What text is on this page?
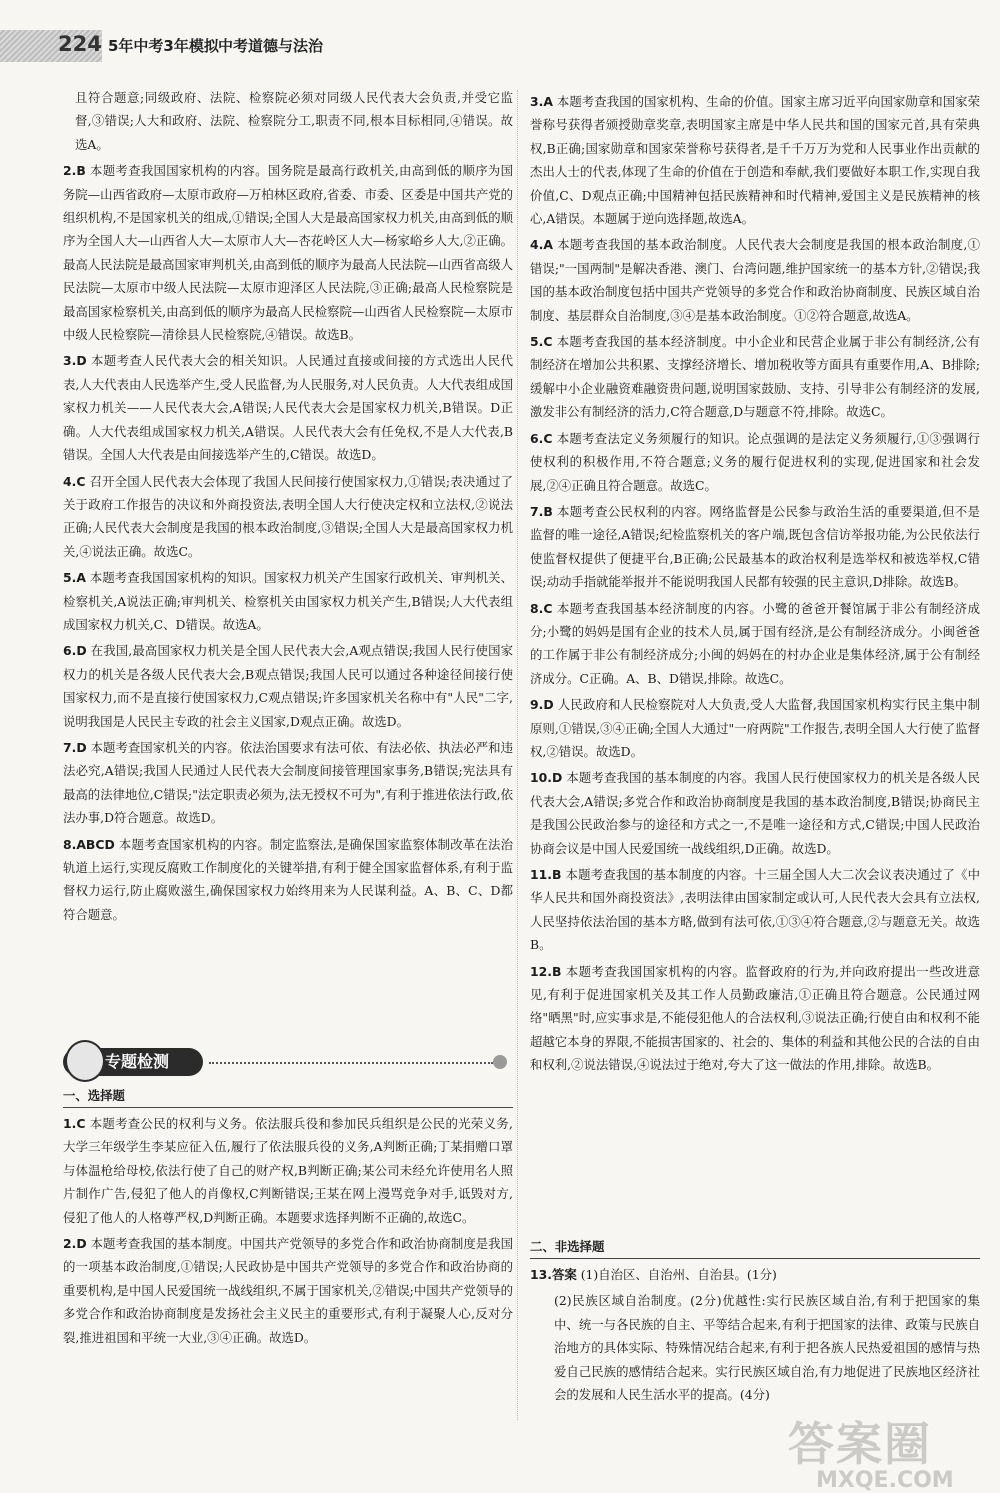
224 5年中考3年模拟 中考道德与法治

且符合题意;同级政府、法院、检察院必须对同级人民代表大会负责,并受它监督,③错误;人大和政府、法院、检察院分工,职责不同,根本目标相同,④错误。故选A。

2.B 本题考查我国国家机构的内容。国务院是最高行政机关,由高到低的顺序为国务院—山西省政府—太原市政府—万柏林区政府,省委、市委、区委是中国共产党的组织机构,不是国家机关的组成,①错误;全国人大是最高国家权力机关,由高到低的顺序为全国人大—山西省人大—太原市人大—杏花岭区人大—杨家峪乡人大,②正确。最高人民法院是最高国家审判机关,由高到低的顺序为最高人民法院—山西省高级人民法院—太原市中级人民法院—太原市迎泽区人民法院,③正确;最高人民检察院是最高国家检察机关,由高到低的顺序为最高人民检察院—山西省人民检察院—太原市中级人民检察院—清徐县人民检察院,④错误。故选B。

3.D 本题考查人民代表大会的相关知识。人民通过直接或间接的方式选出人民代表,人大代表由人民选举产生,受人民监督,为人民服务,对人民负责。人大代表组成国家权力机关——人民代表大会,A错误;人民代表大会是国家权力机关,B错误。D正确。人大代表组成国家权力机关,A错误。人民代表大会有任免权,不是人大代表,B错误。全国人大代表是由间接选举产生的,C错误。故选D。

4.C 召开全国人民代表大会体现了我国人民间接行使国家权力,①错误;表决通过了关于政府工作报告的决议和外商投资法,表明全国人大行使决定权和立法权,②说法正确;人民代表大会制度是我国的根本政治制度,③错误;全国人大是最高国家权力机关,④说法正确。故选C。

5.A 本题考查我国国家机构的知识。国家权力机关产生国家行政机关、审判机关、检察机关,A说法正确;审判机关、检察机关由国家权力机关产生,B错误;人大代表组成国家权力机关,C、D错误。故选A。

6.D 在我国,最高国家权力机关是全国人民代表大会,A观点错误;我国人民行使国家权力的机关是各级人民代表大会,B观点错误;我国人民可以通过各种途径间接行使国家权力,而不是直接行使国家权力,C观点错误;许多国家机关名称中有"人民"二字,说明我国是人民民主专政的社会主义国家,D观点正确。故选D。

7.D 本题考查国家机关的内容。依法治国要求有法可依、有法必依、执法必严和违法必究,A错误;我国人民通过人民代表大会制度间接管理国家事务,B错误;宪法具有最高的法律地位,C错误;"法定职责必须为,法无授权不可为",有利于推进依法行政,依法办事,D符合题意。故选D。

8.ABCD 本题考查国家机构的内容。制定监察法,是确保国家监察体制改革在法治轨道上运行,实现反腐败工作制度化的关键举措,有利于健全国家监督体系,有利于监督权力运行,防止腐败滋生,确保国家权力始终用来为人民谋利益。A、B、C、D都符合题意。

专题检测
一、选择题

1.C 本题考查公民的权利与义务。依法服兵役和参加民兵组织是公民的光荣义务,大学三年级学生李某应征入伍,履行了依法服兵役的义务,A判断正确;丁某捐赠口罩与体温枪给母校,依法行使了自己的财产权,B判断正确;某公司未经允许使用名人照片制作广告,侵犯了他人的肖像权,C判断错误;王某在网上漫骂竞争对手,诋毁对方,侵犯了他人的人格尊严权,D判断正确。本题要求选择判断不正确的,故选C。

2.D 本题考查我国的基本制度。中国共产党领导的多党合作和政治协商制度是我国的一项基本政治制度,①错误;人民政协是中国共产党领导的多党合作和政治协商的重要机构,是中国人民爱国统一战线组织,不属于国家机关,②错误;中国共产党领导的多党合作和政治协商制度是发扬社会主义民主的重要形式,有利于凝聚人心,反对分裂,推进祖国和平统一大业,③④正确。故选D。

3.A 本题考查我国的国家机构、生命的价值。国家主席习近平向国家勋章和国家荣誉称号获得者颁授勋章奖章,表明国家主席是中华人民共和国的国家元首,具有荣典权,B正确;国家勋章和国家荣誉称号获得者,是千千万万为党和人民事业作出贡献的杰出人士的代表,体现了生命的价值在于创造和奉献,我们要做好本职工作,实现自我价值,C、D观点正确;中国精神包括民族精神和时代精神,爱国主义是民族精神的核心,A错误。本题属于逆向选择题,故选A。

4.A 本题考查我国的基本政治制度。人民代表大会制度是我国的根本政治制度,①错误;"一国两制"是解决香港、澳门、台湾问题,维护国家统一的基本方针,②错误;我国的基本政治制度包括中国共产党领导的多党合作和政治协商制度、民族区域自治制度、基层群众自治制度,③④是基本政治制度。①②符合题意,故选A。

5.C 本题考查我国的基本经济制度。中小企业和民营企业属于非公有制经济,公有制经济在增加公共积累、支撑经济增长、增加税收等方面具有重要作用,A、B排除;缓解中小企业融资难融资贵问题,说明国家鼓励、支持、引导非公有制经济的发展,激发非公有制经济的活力,C符合题意,D与题意不符,排除。故选C。

6.C 本题考查法定义务须履行的知识。论点强调的是法定义务须履行,①③强调行使权利的积极作用,不符合题意;义务的履行促进权利的实现,促进国家和社会发展,②④正确且符合题意。故选C。

7.B 本题考查公民权利的内容。网络监督是公民参与政治生活的重要渠道,但不是监督的唯一途径,A错误;纪检监察机关的客户端,既包含信访举报功能,为公民依法行使监督权提供了便捷平台,B正确;公民最基本的政治权利是选举权和被选举权,C错误;动动手指就能举报并不能说明我国人民都有较强的民主意识,D排除。故选B。

8.C 本题考查我国基本经济制度的内容。小鹭的爸爸开餐馆属于非公有制经济成分;小鹭的妈妈是国有企业的技术人员,属于国有经济,是公有制经济成分。小闽爸爸的工作属于非公有制经济成分;小闽的妈妈在的村办企业是集体经济,属于公有制经济成分。C正确。A、B、D错误,排除。故选C。

9.D 人民政府和人民检察院对人大负责,受人大监督,我国国家机构实行民主集中制原则,①错误,③④正确;全国人大通过"一府两院"工作报告,表明全国人大行使了监督权,②错误。故选D。

10.D 本题考查我国的基本制度的内容。我国人民行使国家权力的机关是各级人民代表大会,A错误;多党合作和政治协商制度是我国的基本政治制度,B错误;协商民主是我国公民政治参与的途径和方式之一,不是唯一途径和方式,C错误;中国人民政治协商会议是中国人民爱国统一战线组织,D正确。故选D。

11.B 本题考查我国的基本制度的内容。十三届全国人大二次会议表决通过了《中华人民共和国外商投资法》,表明法律由国家制定或认可,人民代表大会具有立法权,人民坚持依法治国的基本方略,做到有法可依,①③④符合题意,②与题意无关。故选B。

12.B 本题考查我国国家机构的内容。监督政府的行为,并向政府提出一些改进意见,有利于促进国家机关及其工作人员勤政廉洁,①正确且符合题意。公民通过网络"晒黑"时,应实事求是,不能侵犯他人的合法权利,③说法正确;行使自由和权利不能超越它本身的界限,不能损害国家的、社会的、集体的利益和其他公民的合法的自由和权利,②说法错误,④说法过于绝对,夸大了这一做法的作用,排除。故选B。

二、非选择题

13.答案 (1)自治区、自治州、自治县。(1分)

(2)民族区域自治制度。(2分)优越性:实行民族区域自治,有利于把国家的集中、统一与各民族的自主、平等结合起来,有利于把国家的法律、政策与民族自治地方的具体实际、特殊情况结合起来,有利于把各族人民热爱祖国的感情与热爱自己民族的感情结合起来。实行民族区域自治,有力地促进了民族地区经济社会的发展和人民生活水平的提高。(4分)

答案圈
MXQE.COM
